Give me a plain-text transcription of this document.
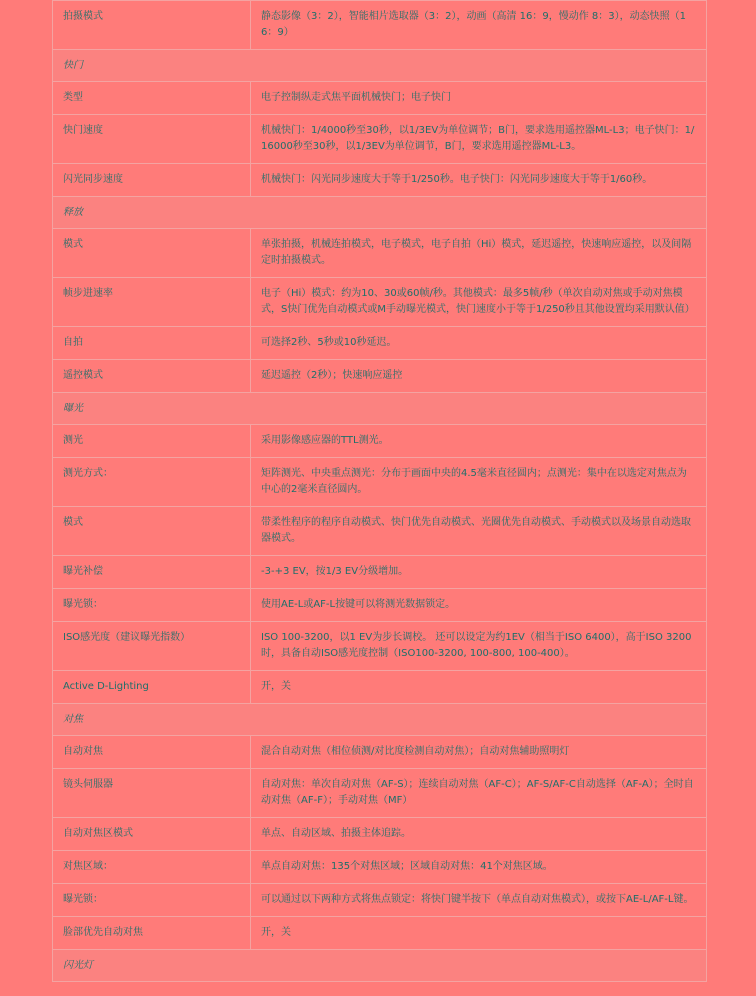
拍摄模式	静态影像（3：2），智能相片选取器（3：2），动画（高清 16：9，慢动作 8：3），动态快照（16：9）
快门	
类型	电子控制纵走式焦平面机械快门；电子快门
快门速度	机械快门：1/4000秒至30秒，以1/3EV为单位调节；B门，要求选用遥控器ML-L3；电子快门：1/16000秒至30秒，以1/3EV为单位调节，B门，要求选用遥控器ML-L3。
闪光同步速度	机械快门：闪光同步速度大于等于1/250秒。电子快门：闪光同步速度大于等于1/60秒。
释放	
模式	单张拍摄，机械连拍模式，电子模式，电子自拍（Hi）模式，延迟遥控，快速响应遥控，以及间隔定时拍摄模式。
帧步进速率	电子（Hi）模式：约为10、30或60帧/秒。其他模式：最多5帧/秒（单次自动对焦或手动对焦模式，S快门优先自动模式或M手动曝光模式，快门速度小于等于1/250秒且其他设置均采用默认值）
自拍	可选择2秒、5秒或10秒延迟。
遥控模式	延迟遥控（2秒）；快速响应遥控
曝光	
测光	采用影像感应器的TTL测光。
测光方式：	矩阵测光、中央重点测光：分布于画面中央的4.5毫米直径圆内；点测光：集中在以选定对焦点为中心的2毫米直径圆内。
模式	带柔性程序的程序自动模式、快门优先自动模式、光圈优先自动模式、手动模式以及场景自动选取器模式。
曝光补偿	-3-+3 EV，按1/3 EV分级增加。
曝光锁：	使用AE-L或AF-L按键可以将测光数据锁定。
ISO感光度（建议曝光指数）	ISO 100-3200，以1 EV为步长调校。 还可以设定为约1EV（相当于ISO 6400），高于ISO 3200时，具备自动ISO感光度控制（ISO100-3200, 100-800, 100-400）。
Active D-Lighting	开，关
对焦	
自动对焦	混合自动对焦（相位侦测/对比度检测自动对焦）；自动对焦辅助照明灯
镜头伺服器	自动对焦：单次自动对焦（AF-S）；连续自动对焦（AF-C）；AF-S/AF-C自动选择（AF-A）；全时自动对焦（AF-F）；手动对焦（MF）
自动对焦区模式	单点、自动区域、拍摄主体追踪。
对焦区域：	单点自动对焦：135个对焦区域；区域自动对焦：41个对焦区域。
曝光锁：	可以通过以下两种方式将焦点锁定：将快门键半按下（单点自动对焦模式），或按下AE-L/AF-L键。
脸部优先自动对焦	开，关
闪光灯	
